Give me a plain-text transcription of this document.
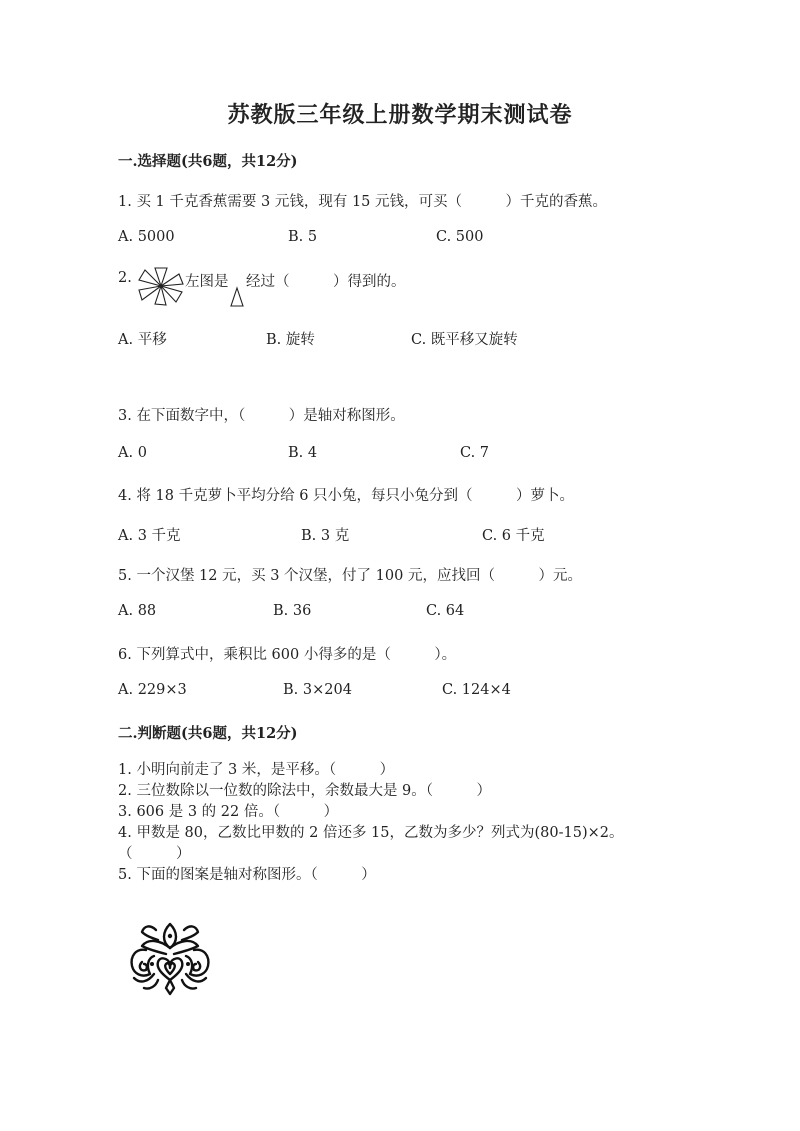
苏教版三年级上册数学期末测试卷
一.选择题(共6题，共12分)
1. 买 1 千克香蕉需要 3 元钱，现有 15 元钱，可买（　　　）千克的香蕉。
A. 5000	B. 5	C. 500
2.	左图是 经过（　　　）得到的。
A. 平移	B. 旋转	C. 既平移又旋转
3. 在下面数字中，（　　　）是轴对称图形。
A. 0	B. 4	C. 7
4. 将 18 千克萝卜平均分给 6 只小兔，每只小兔分到（　　　）萝卜。
A. 3 千克	B. 3 克	C. 6 千克
5. 一个汉堡 12 元，买 3 个汉堡，付了 100 元，应找回（　　　）元。
A. 88	B. 36	C. 64
6. 下列算式中，乘积比 600 小得多的是（　　　）。
A. 229×3	B. 3×204	C. 124×4
二.判断题(共6题，共12分)
1. 小明向前走了 3 米，是平移。（　　　）
2. 三位数除以一位数的除法中，余数最大是 9。（　　　）
3. 606 是 3 的 22 倍。（　　　）
4. 甲数是 80，乙数比甲数的 2 倍还多 15，乙数为多少？列式为(80-15)×2。
（　　　）
5. 下面的图案是轴对称图形。（　　　）
